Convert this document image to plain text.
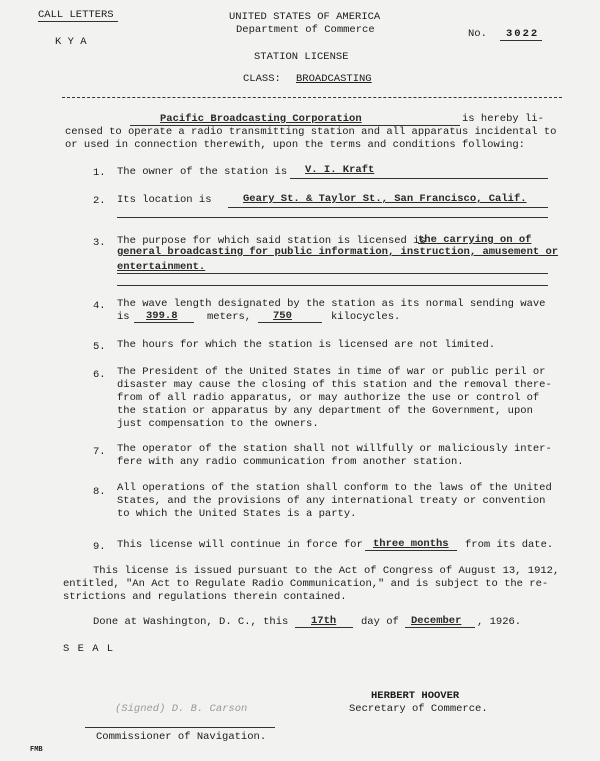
CALL LETTERS
K Y A
UNITED STATES OF AMERICA
Department of Commerce	No. 3022
STATION LICENSE
CLASS: BROADCASTING
Pacific Broadcasting Corporation	is hereby li-
censed to operate a radio transmitting station and all apparatus incidental to
or used in connection therewith, upon the terms and conditions following:
1. The owner of the station is V. I. Kraft
2. Its location is	Geary St. & Taylor St., San Francisco, Calif.
3. The purpose for which said station is licensed is
the carrying on of
general broadcasting for public information, instruction, amusement or
entertainment.
4. The wave length designated by the station as its normal sending wave
is 399.8	meters, 750	kilocycles.
5. The hours for which the station is licensed are not limited.
6. The President of the United States in time of war or public peril or
disaster may cause the closing of this station and the removal there-
from of all radio apparatus, or may authorize the use or control of
the station or apparatus by any department of the Government, upon
just compensation to the owners.
7. The operator of the station shall not willfully or maliciously inter-
fere with any radio communication from another station.
8. All operations of the station shall conform to the laws of the United
States, and the provisions of any international treaty or convention
to which the United States is a party.
9. This license will continue in force for three months from its date.
This license is issued pursuant to the Act of Congress of August 13, 1912,
entitled, "An Act to Regulate Radio Communication," and is subject to the re-
strictions and regulations therein contained.
Done at Washington, D. C., this 17th day of December , 1926.
S E A L
HERBERT HOOVER
Secretary of Commerce.
(Signed) D. B. Carson
Commissioner of Navigation.
FMB
